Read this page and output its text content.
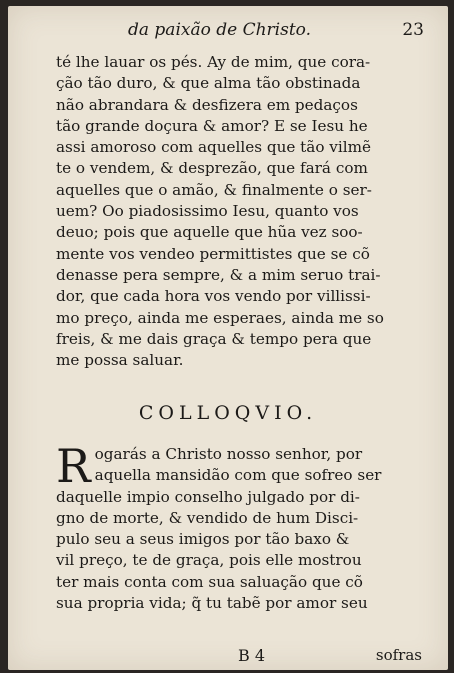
da paixão de Christo.	23
té lhe lauar os pés. Ay de mim, que cora-
ção tão duro, & que alma tão obstinada
não abrandara & desfizera em pedaços
tão grande doçura & amor? E se Iesu he
assi amoroso com aquelles que tão vilmẽ
te o vendem, & desprezão, que fará com
aquelles que o amão, & finalmente o ser-
uem? Oo piadosissimo Iesu, quanto vos
deuo; pois que aquelle que hũa vez soo-
mente vos vendeo permittistes que se cõ
denasse pera sempre, & a mim seruo trai-
dor, que cada hora vos vendo por villissi-
mo preço, ainda me esperaes, ainda me so
freis, & me dais graça & tempo pera que
me possa saluar.
COLLOQVIO.
R ogarás a Christo nosso senhor, por
aquella mansidão com que sofreo ser
daquelle impio conselho julgado por di-
gno de morte, & vendido de hum Disci-
pulo seu a seus imigos por tão baxo &
vil preço, te de graça, pois elle mostrou
ter mais conta com sua saluação que cõ
sua propria vida; q̃ tu tabẽ por amor seu
B 4	sofras
